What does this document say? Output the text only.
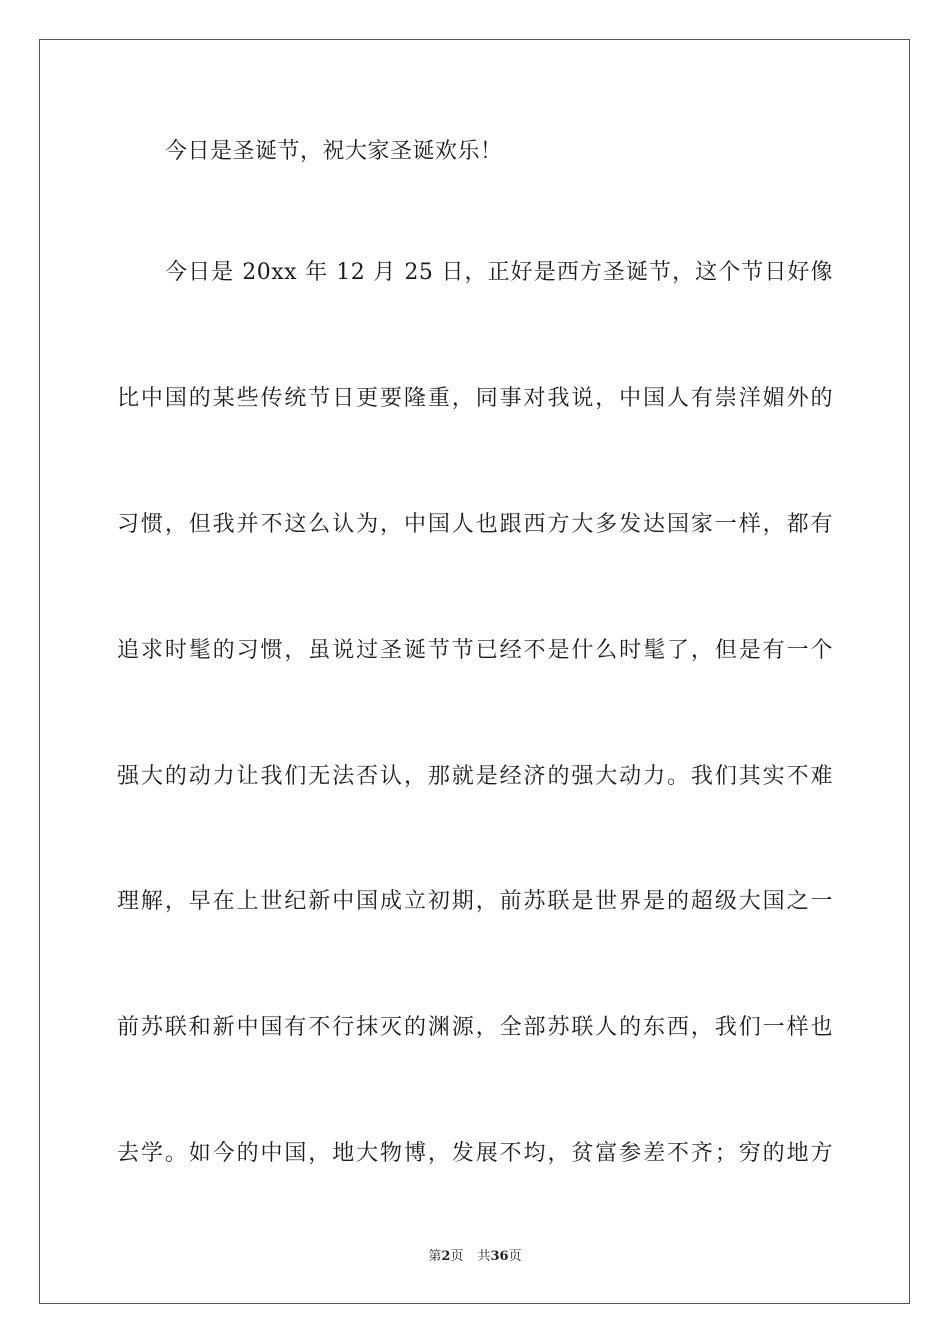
今日是圣诞节，祝大家圣诞欢乐！
今日是 20xx 年 12 月 25 日，正好是西方圣诞节，这个节日好像
比中国的某些传统节日更要隆重，同事对我说，中国人有崇洋媚外的
习惯，但我并不这么认为，中国人也跟西方大多发达国家一样，都有
追求时髦的习惯，虽说过圣诞节节已经不是什么时髦了，但是有一个
强大的动力让我们无法否认，那就是经济的强大动力。我们其实不难
理解，早在上世纪新中国成立初期，前苏联是世界是的超级大国之一
前苏联和新中国有不行抹灭的渊源，全部苏联人的东西，我们一样也
去学。如今的中国，地大物博，发展不均，贫富参差不齐；穷的地方
第2页 共36页
